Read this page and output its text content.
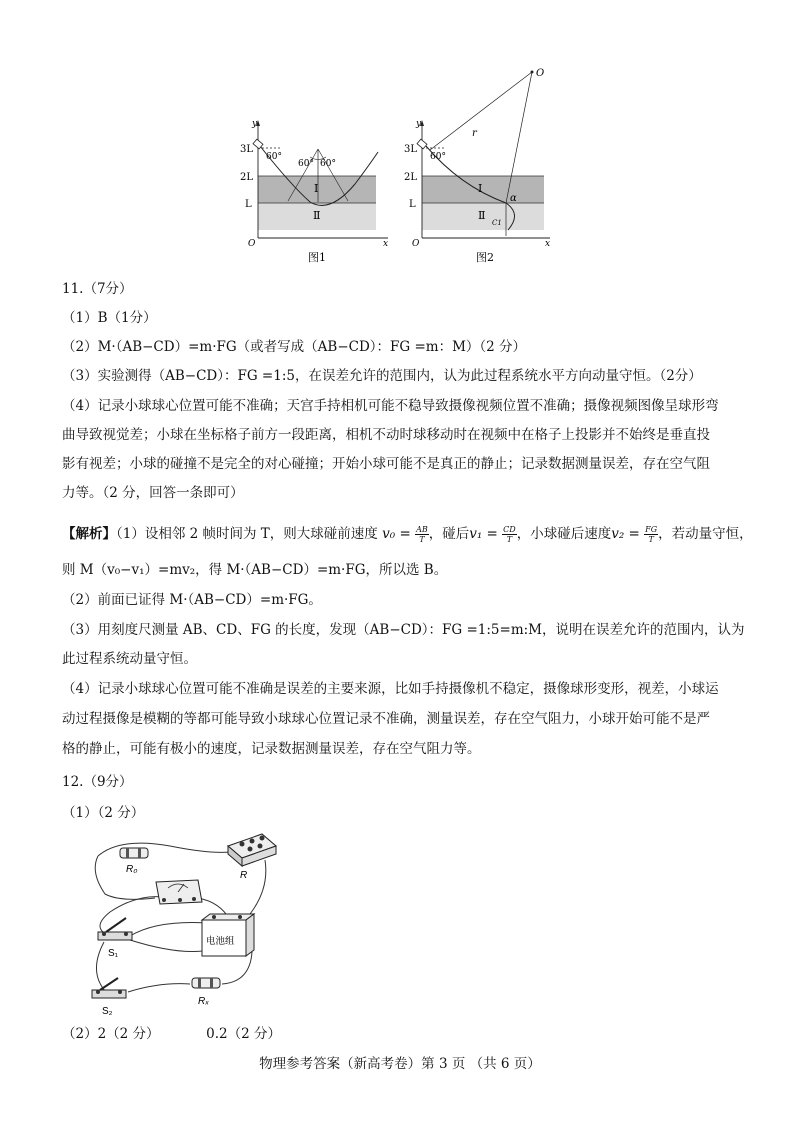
y
x
O
3L
2L
L
60°
60° 60°
Ⅰ
Ⅱ
图1
y
x
O
3L
2L
L
60°
Ⅰ
Ⅱ
O
r
α
C1
图2
11.（7分）
（1）B（1分）
（2）M·（AB−CD）=m·FG（或者写成（AB−CD）：FG =m：M）（2 分）
（3）实验测得（AB−CD）：FG =1:5，在误差允许的范围内，认为此过程系统水平方向动量守恒。（2分）
（4）记录小球球心位置可能不准确；天宫手持相机可能不稳导致摄像视频位置不准确；摄像视频图像呈球形弯
曲导致视觉差；小球在坐标格子前方一段距离，相机不动时球移动时在视频中在格子上投影并不始终是垂直投
影有视差；小球的碰撞不是完全的对心碰撞；开始小球可能不是真正的静止；记录数据测量误差，存在空气阻
力等。（2 分，回答一条即可）
【解析】（1）设相邻 2 帧时间为 T，则大球碰前速度 $v_0 = \frac{AB}{T}$ ，碰后$v_1 = \frac{CD}{T}$ ，小球碰后速度$v_2 = \frac{FG}{T}$ ，若动量守恒，
则 M（v₀−v₁）=mv₂，得 M·（AB−CD）=m·FG，所以选 B。
（2）前面已证得 M·（AB−CD）=m·FG。
（3）用刻度尺测量 AB、CD、FG 的长度，发现（AB−CD）：FG =1:5=m:M，说明在误差允许的范围内，认为
此过程系统动量守恒。
（4）记录小球球心位置可能不准确是误差的主要来源，比如手持摄像机不稳定，摄像球形变形，视差，小球运
动过程摄像是模糊的等都可能导致小球球心位置记录不准确，测量误差，存在空气阻力，小球开始可能不是严
格的静止，可能有极小的速度，记录数据测量误差，存在空气阻力等。
12.（9分）
（1）（2 分）
R₀
R
电池组
S₁
S₂
Rₓ
（2）2（2 分）	0.2（2 分）
物理参考答案（新高考卷）第 3 页 （共 6 页）
